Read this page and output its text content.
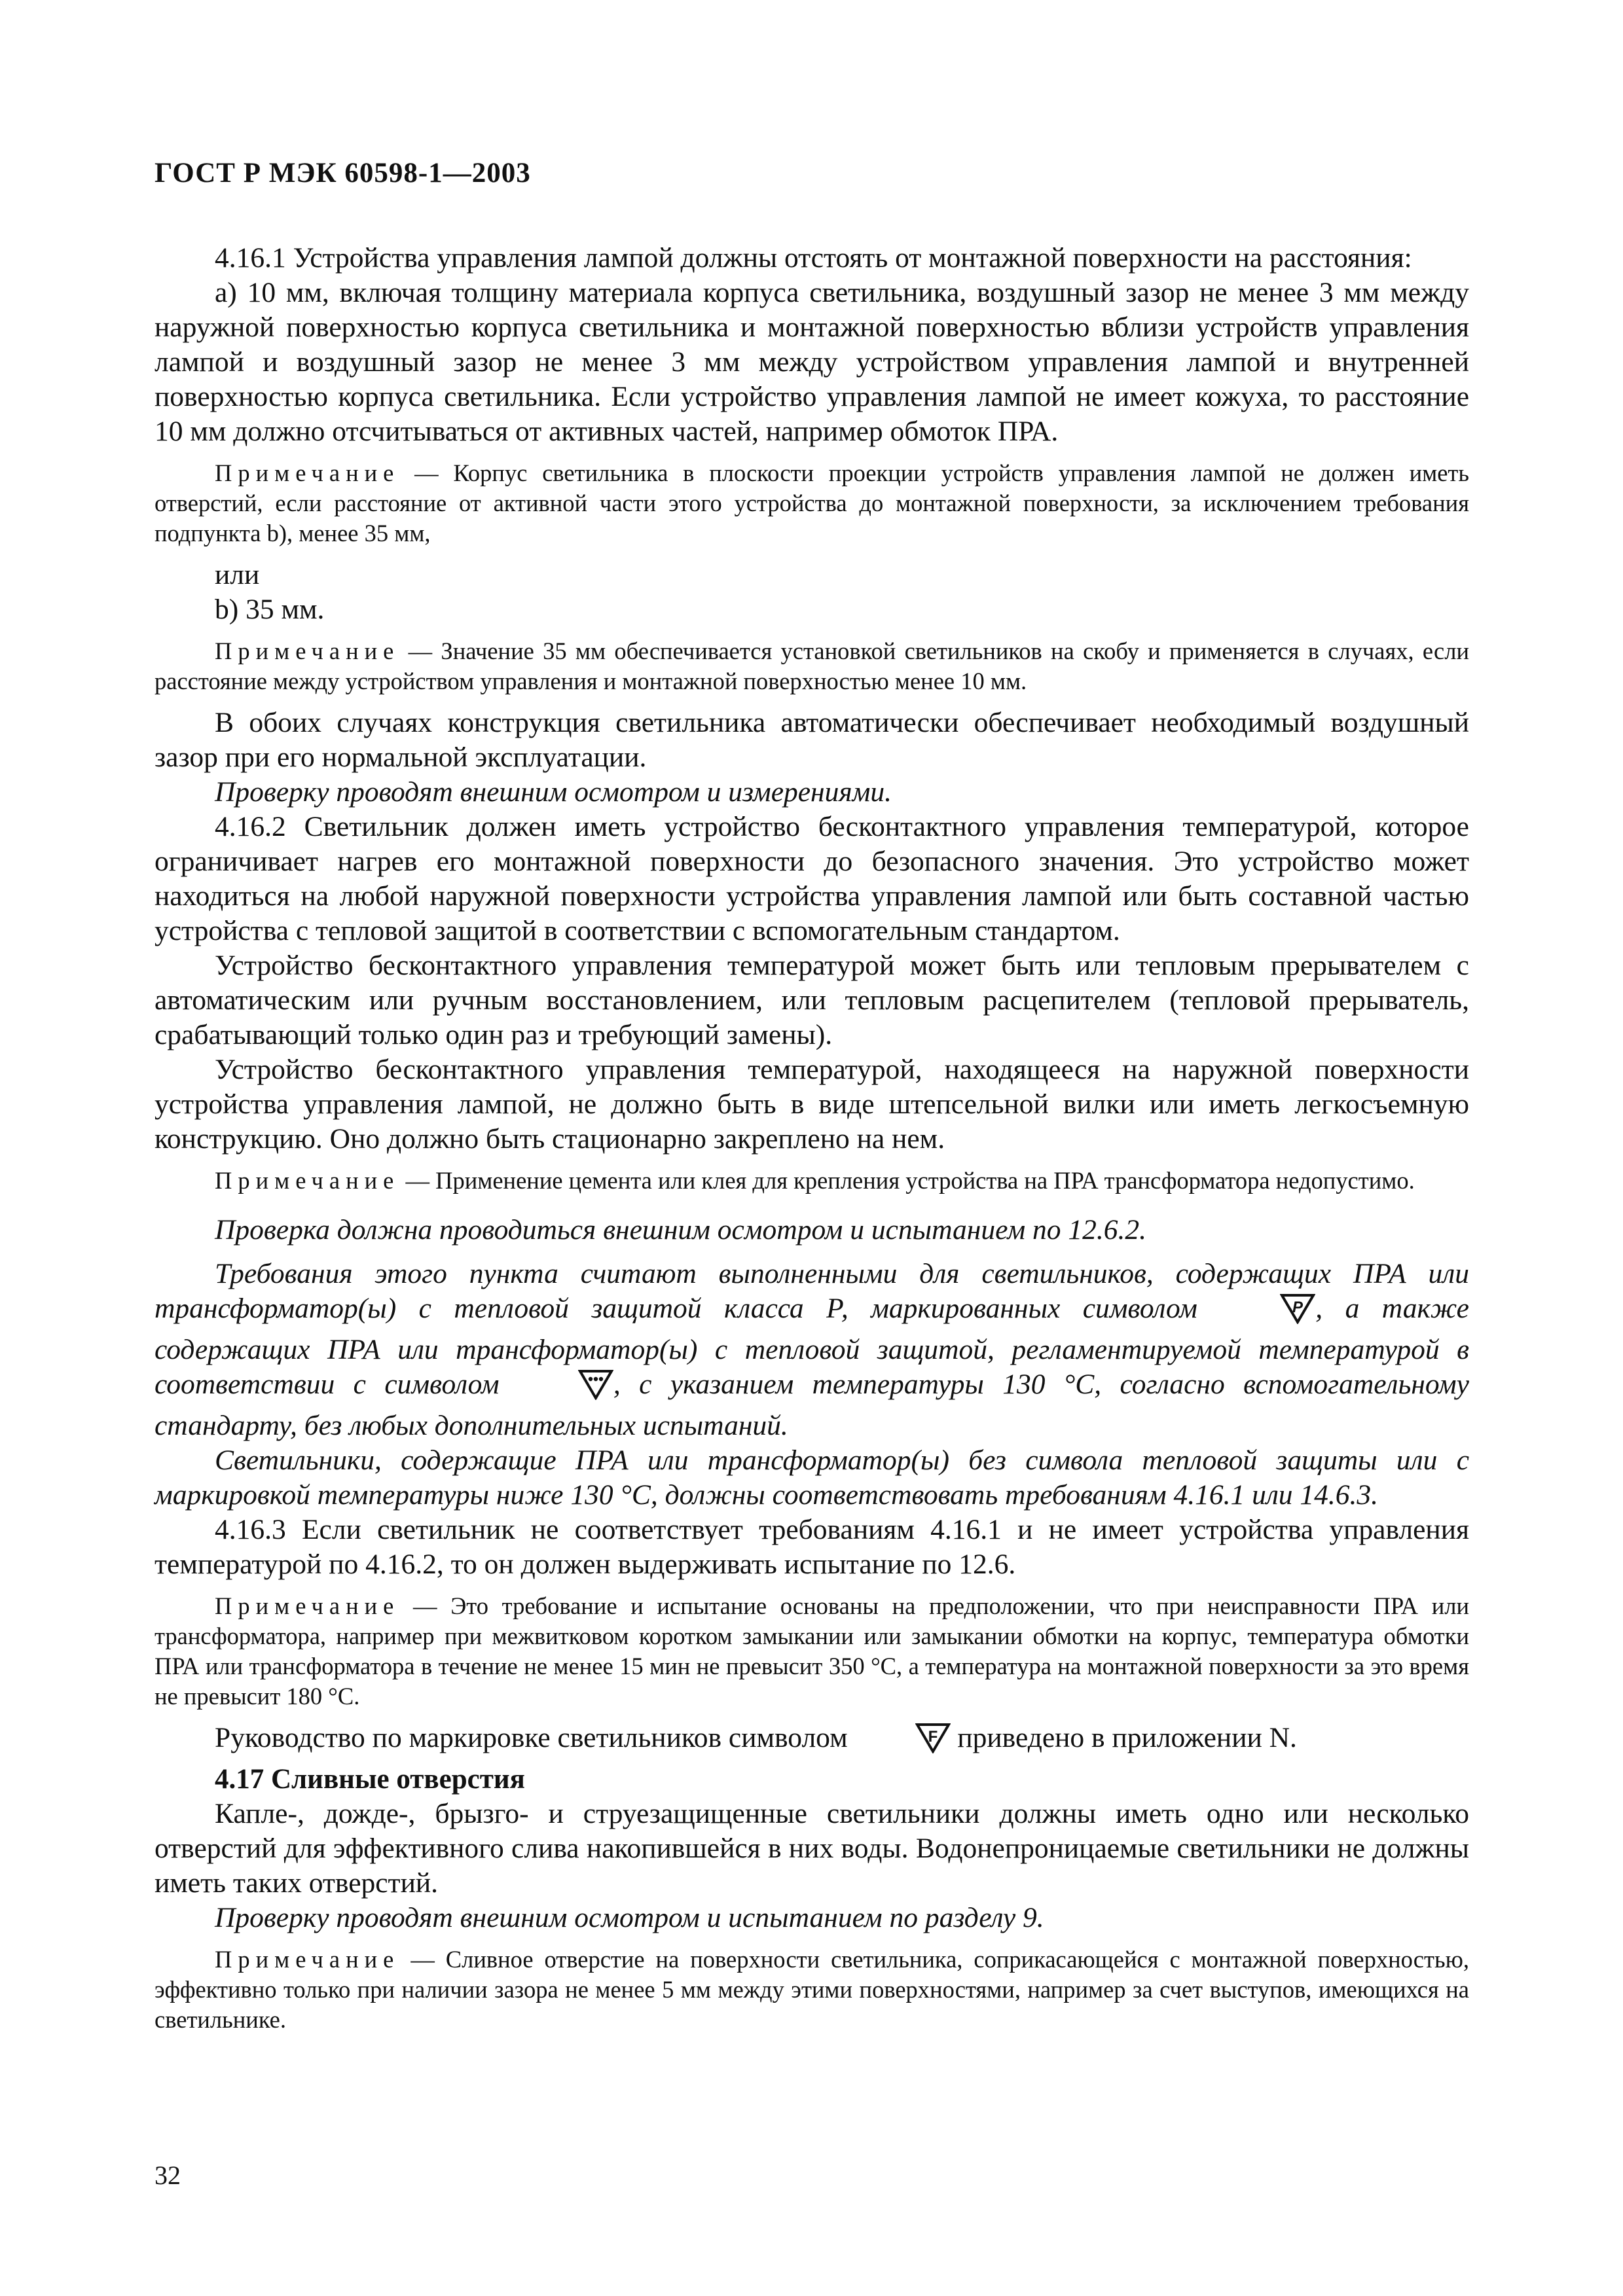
ГОСТ Р МЭК 60598-1—2003

4.16.1 Устройства управления лампой должны отстоять от монтажной поверхности на расстояния:

а) 10 мм, включая толщину материала корпуса светильника, воздушный зазор не менее 3 мм между наружной поверхностью корпуса светильника и монтажной поверхностью вблизи устройств управления лампой и воздушный зазор не менее 3 мм между устройством управления лампой и внутренней поверхностью корпуса светильника. Если устройство управления лампой не имеет кожуха, то расстояние 10 мм должно отсчитываться от активных частей, например обмоток ПРА.

Примечание — Корпус светильника в плоскости проекции устройств управления лампой не должен иметь отверстий, если расстояние от активной части этого устройства до монтажной поверхности, за исключением требования подпункта b), менее 35 мм,

или

b) 35 мм.

Примечание — Значение 35 мм обеспечивается установкой светильников на скобу и применяется в случаях, если расстояние между устройством управления и монтажной поверхностью менее 10 мм.

В обоих случаях конструкция светильника автоматически обеспечивает необходимый воздушный зазор при его нормальной эксплуатации.

Проверку проводят внешним осмотром и измерениями.

4.16.2 Светильник должен иметь устройство бесконтактного управления температурой, которое ограничивает нагрев его монтажной поверхности до безопасного значения. Это устройство может находиться на любой наружной поверхности устройства управления лампой или быть составной частью устройства с тепловой защитой в соответствии с вспомогательным стандартом.

Устройство бесконтактного управления температурой может быть или тепловым прерывателем с автоматическим или ручным восстановлением, или тепловым расцепителем (тепловой прерыватель, срабатывающий только один раз и требующий замены).

Устройство бесконтактного управления температурой, находящееся на наружной поверхности устройства управления лампой, не должно быть в виде штепсельной вилки или иметь легкосъемную конструкцию. Оно должно быть стационарно закреплено на нем.

Примечание — Применение цемента или клея для крепления устройства на ПРА трансформатора недопустимо.

Проверка должна проводиться внешним осмотром и испытанием по 12.6.2.

Требования этого пункта считают выполненными для светильников, содержащих ПРА или трансформатор(ы) с тепловой защитой класса Р, маркированных символом	P , а также содержащих ПРА или трансформатор(ы) с тепловой защитой, регламентируемой температурой в соответствии с символом	, с указанием температуры 130 °С, согласно вспомогательному стандарту, без любых дополнительных испытаний.

Светильники, содержащие ПРА или трансформатор(ы) без символа тепловой защиты или с маркировкой температуры ниже 130 °С, должны соответствовать требованиям 4.16.1 или 14.6.3.

4.16.3 Если светильник не соответствует требованиям 4.16.1 и не имеет устройства управления температурой по 4.16.2, то он должен выдерживать испытание по 12.6.

Примечание — Это требование и испытание основаны на предположении, что при неисправности ПРА или трансформатора, например при межвитковом коротком замыкании или замыкании обмотки на корпус, температура обмотки ПРА или трансформатора в течение не менее 15 мин не превысит 350 °С, а температура на монтажной поверхности за это время не превысит 180 °С.

Руководство по маркировке светильников символом	F приведено в приложении N.

4.17 Сливные отверстия

Капле-, дожде-, брызго- и струезащищенные светильники должны иметь одно или несколько отверстий для эффективного слива накопившейся в них воды. Водонепроницаемые светильники не должны иметь таких отверстий.

Проверку проводят внешним осмотром и испытанием по разделу 9.

Примечание — Сливное отверстие на поверхности светильника, соприкасающейся с монтажной поверхностью, эффективно только при наличии зазора не менее 5 мм между этими поверхностями, например за счет выступов, имеющихся на светильнике.

32
